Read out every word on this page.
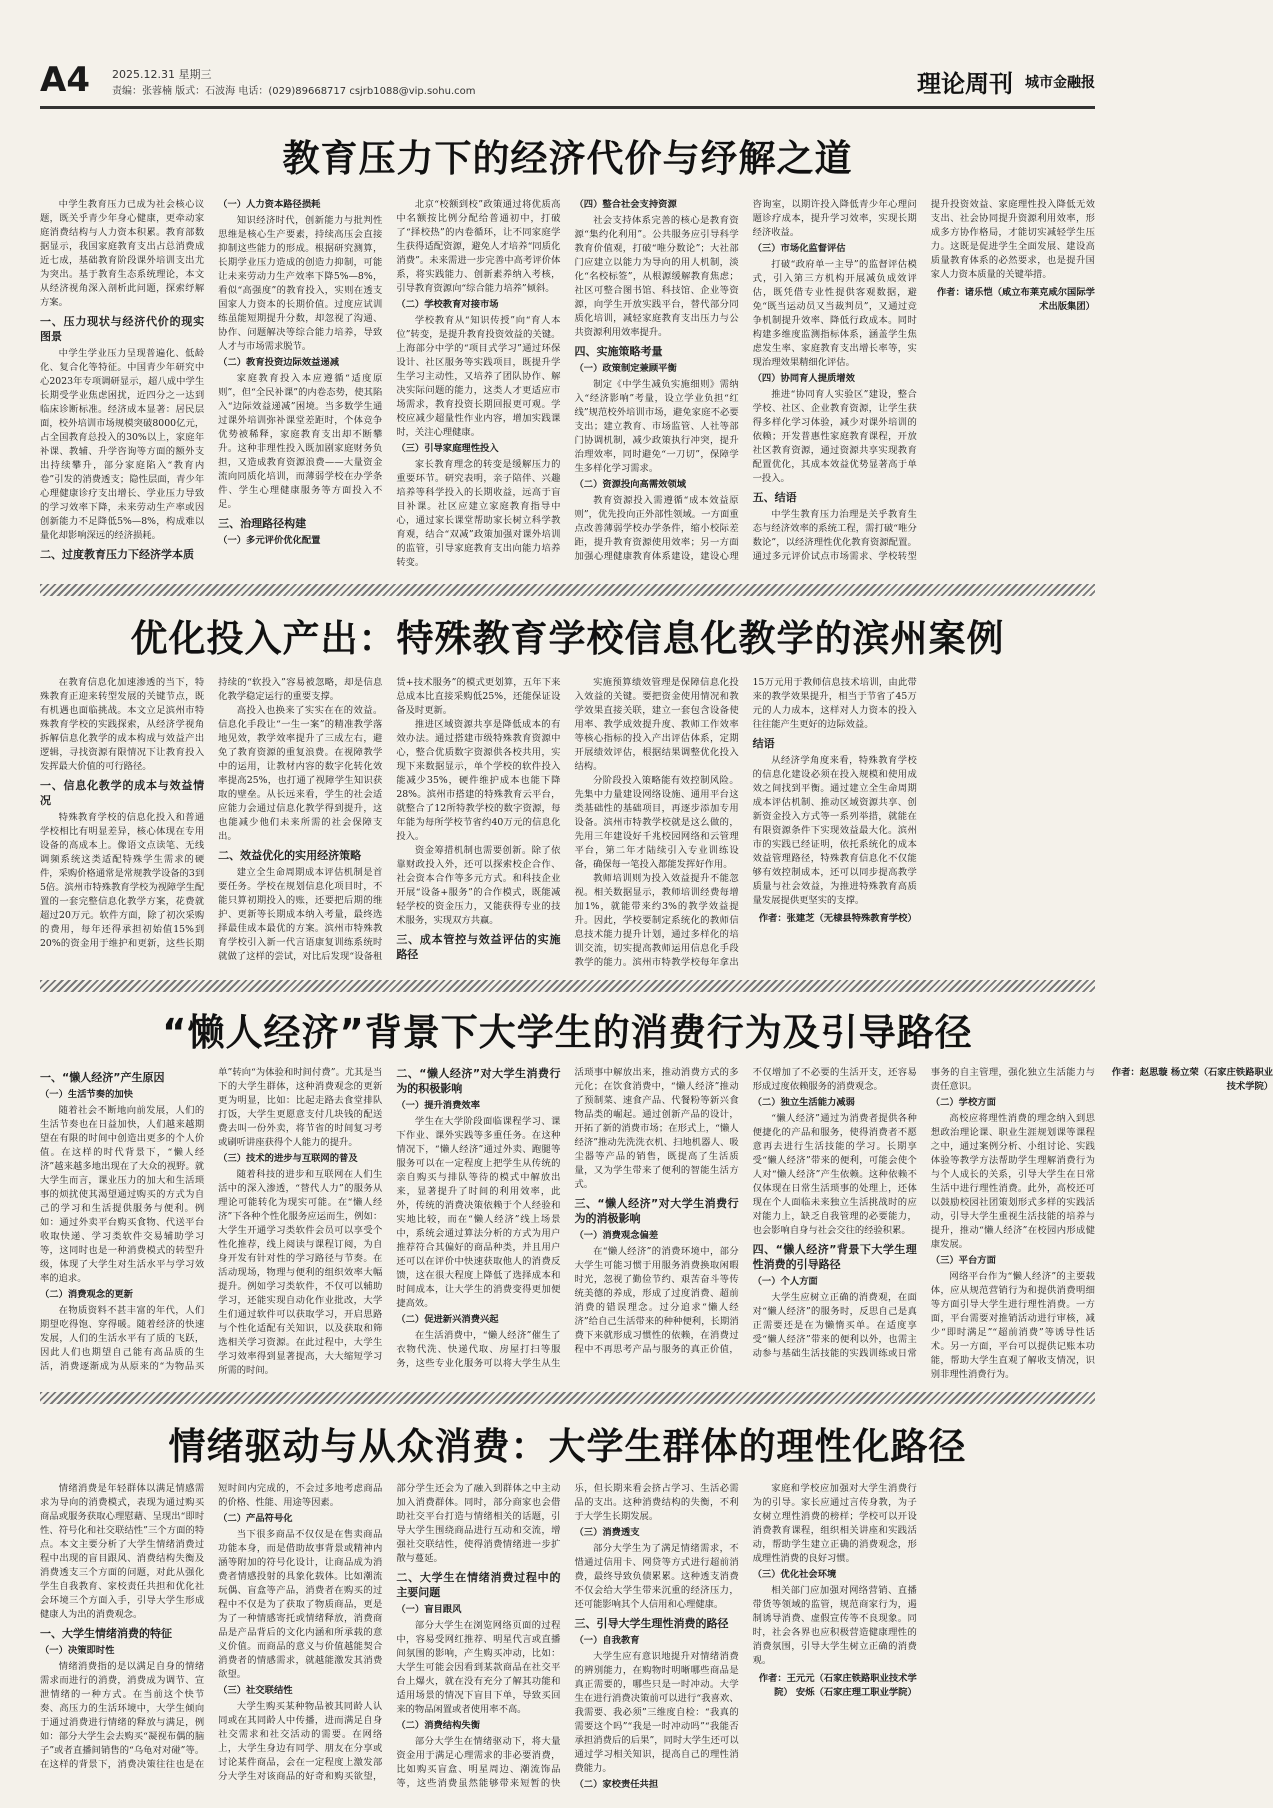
A4 2025.12.31 星期三
责编：张蓉楠 版式：石波海 电话：(029)89668717 csjrb1088@vip.sohu.com	理论周刊 城市金融报
教育压力下的经济代价与纾解之道

中学生教育压力已成为社会核心议题，既关乎青少年身心健康，更牵动家庭消费结构与人力资本积累。教育部数据显示，我国家庭教育支出占总消费成近七成，基础教育阶段课外培训支出尤为突出。基于教育生态系统理论，本文从经济视角深入剖析此问题，探索纾解方案。

一、压力现状与经济代价的现实图景

中学生学业压力呈现普遍化、低龄化、复合化等特征。中国青少年研究中心2023年专项调研显示，超八成中学生长期受学业焦虑困扰，近四分之一达到临床诊断标准。经济成本显著：居民层面，校外培训市场规模突破8000亿元，占全国教育总投入的30%以上，家庭年补课、教辅、升学咨询等方面的额外支出持续攀升，部分家庭陷入“教育内卷”引发的消费透支；隐性层面，青少年心理健康诊疗支出增长、学业压力导致的学习效率下降，未来劳动生产率或因创新能力不足降低5%—8%，构成难以量化却影响深远的经济损耗。

二、过度教育压力下经济学本质
（一）人力资本路径损耗

知识经济时代，创新能力与批判性思维是核心生产要素，持续高压会直接抑制这些能力的形成。根据研究测算，长期学业压力造成的创造力抑制，可能让未来劳动力生产效率下降5%—8%，看似“高强度”的教育投入，实则在透支国家人力资本的长期价值。过度应试训练虽能短期提升分数，却忽视了沟通、协作、问题解决等综合能力培养，导致人才与市场需求脱节。

（二）教育投资边际效益递减

家庭教育投入本应遵循“适度原则”，但“全民补课”的内卷态势，使其陷入“边际效益递减”困境。当多数学生通过课外培训弥补课堂差距时，个体竞争优势被稀释，家庭教育支出却不断攀升。这种非理性投入既加剧家庭财务负担，又造成教育资源浪费——大量资金流向同质化培训，而薄弱学校在办学条件、学生心理健康服务等方面投入不足。

三、治理路径构建
（一）多元评价优化配置

北京“校额到校”政策通过将优质高中名额按比例分配给普通初中，打破了“择校热”的内卷循环，让不同家庭学生获得适配资源，避免人才培养“同质化消费”。未来需进一步完善中高考评价体系，将实践能力、创新素养纳入考核，引导教育资源向“综合能力培养”倾斜。

（二）学校教育对接市场

学校教育从“知识传授”向“育人本位”转变，是提升教育投资效益的关键。上海部分中学的“项目式学习”通过环保设计、社区服务等实践项目，既提升学生学习主动性，又培养了团队协作、解决实际问题的能力，这类人才更适应市场需求，教育投资长期回报更可观。学校应减少超量性作业内容，增加实践课时，关注心理健康。

（三）引导家庭理性投入

家长教育理念的转变是缓解压力的重要环节。研究表明，亲子陪伴、兴趣培养等科学投入的长期收益，远高于盲目补课。社区应建立家庭教育指导中心，通过家长课堂帮助家长树立科学教育观，结合“双减”政策加强对课外培训的监管，引导家庭教育支出向能力培养转变。

（四）整合社会支持资源

社会支持体系完善的核心是教育资源“集约化利用”。公共服务应引导科学教育价值观，打破“唯分数论”；大社部门应建立以能力为导向的用人机制，淡化“名校标签”，从根源缓解教育焦虑；社区可整合图书馆、科技馆、企业等资源，向学生开放实践平台，替代部分同质化培训，减轻家庭教育支出压力与公共资源利用效率提升。

四、实施策略考量
（一）政策制定兼顾平衡

制定《中学生减负实施细则》需纳入“经济影响”考量，设立学业负担“红线”规范校外培训市场，避免家庭不必要支出；建立教育、市场监管、人社等部门协调机制，减少政策执行冲突，提升治理效率，同时避免“一刀切”，保障学生多样化学习需求。

（二）资源投向高需效领域

教育资源投入需遵循“成本效益原则”，优先投向正外部性领域。一方面重点改善薄弱学校办学条件，缩小校际差距，提升教育资源使用效率；另一方面加强心理健康教育体系建设，建设心理咨询室，以期许投入降低青少年心理问题诊疗成本，提升学习效率，实现长期经济收益。

（三）市场化监督评估

打破“政府单一主导”的监督评估模式，引入第三方机构开展减负成效评估，既凭借专业性提供客观数据，避免“既当运动员又当裁判员”，又通过竞争机制提升效率、降低行政成本。同时构建多维度监测指标体系，涵盖学生焦虑发生率、家庭教育支出增长率等，实现治理效果精细化评估。

（四）协同育人提质增效

推进“协同育人实验区”建设，整合学校、社区、企业教育资源，让学生获得多样化学习体验，减少对课外培训的依赖；开发普惠性家庭教育课程，开放社区教育资源，通过资源共享实现教育配置优化，其成本效益优势显著高于单一投入。

五、结语

中学生教育压力治理是关乎教育生态与经济效率的系统工程，需打破“唯分数论”，以经济理性优化教育资源配置。通过多元评价试点市场需求、学校转型提升投资效益、家庭理性投入降低无效支出、社会协同提升资源利用效率，形成多方协作格局，才能切实减轻学生压力。这既是促进学生全面发展、建设高质量教育体系的必然要求，也是提升国家人力资本质量的关键举措。

作者：诸乐恺（咸立布莱克咸尔国际学术出版集团）

优化投入产出：特殊教育学校信息化教学的滨州案例

在教育信息化加速渗透的当下，特殊教育正迎来转型发展的关键节点，既有机遇也面临挑战。本文立足滨州市特殊教育学校的实践探索，从经济学视角拆解信息化教学的成本构成与效益产出逻辑，寻找资源有限情况下让教育投入发挥最大价值的可行路径。

一、信息化教学的成本与效益情况

特殊教育学校的信息化投入和普通学校相比有明显差异，核心体现在专用设备的高成本上。像语文点读笔、无线调频系统这类适配特殊学生需求的硬件，采购价格通常是常规教学设备的3到5倍。滨州市特殊教育学校为视障学生配置的一套完整信息化教学方案，花费就超过20万元。软件方面，除了初次采购的费用，每年还得承担初始值15%到20%的资金用于维护和更新，这些长期持续的“软投入”容易被忽略，却是信息化教学稳定运行的重要支撑。

高投入也换来了实实在在的效益。信息化手段让“一生一案”的精准教学落地见效，教学效率提升了三成左右，避免了教育资源的重复浪费。在视障教学中的运用，让教材内容的数字化转化效率提高25%，也打通了视障学生知识获取的壁垒。从长远来看，学生的社会适应能力会通过信息化教学得到提升，这也能减少他们未来所需的社会保障支出。

二、效益优化的实用经济策略

建立全生命周期成本评估机制是首要任务。学校在规划信息化项目时，不能只算初期投入的账，还要把后期的维护、更新等长期成本纳入考量，最终选择最佳成本最优的方案。滨州市特殊教育学校引入新一代言语康复训练系统时就做了这样的尝试，对比后发现“设备租赁+技术服务”的模式更划算，五年下来总成本比直接采购低25%，还能保证设备及时更新。

推进区域资源共享是降低成本的有效办法。通过搭建市级特殊教育资源中心，整合优质数字资源供各校共用，实现下来数据显示，单个学校的软件投入能减少35%，硬件维护成本也能下降28%。滨州市搭建的特殊教育云平台，就整合了12所特教学校的数字资源，每年能为每所学校节省约40万元的信息化投入。

资金筹措机制也需要创新。除了依靠财政投入外，还可以探索校企合作、社会资本合作等多元方式。和科技企业开展“设备+服务”的合作模式，既能减轻学校的资金压力，又能获得专业的技术服务，实现双方共赢。

三、成本管控与效益评估的实施路径

实施预算绩效管理是保障信息化投入效益的关键。要把资金使用情况和教学效果直接关联，建立一套包含设备使用率、教学成效提升度、教师工作效率等核心指标的投入产出评估体系，定期开展绩效评估，根据结果调整优化投入结构。

分阶段投入策略能有效控制风险。先集中力量建设网络设施、通用平台这类基础性的基础项目，再逐步添加专用设备。滨州市特教学校就是这么做的，先用三年建设好千兆校园网络和云管理平台，第二年才陆续引入专业训练设备，确保每一笔投入都能发挥好作用。

教师培训则为投入效益提升不能忽视。相关数据显示，教师培训经费每增加1%，就能带来约3%的教学效益提升。因此，学校要制定系统化的教师信息技术能力提升计划，通过多样化的培训交流，切实提高教师运用信息化手段教学的能力。滨州市特教学校每年拿出15万元用于教师信息技术培训，由此带来的教学效果提升，相当于节省了45万元的人力成本，这样对人力资本的投入往往能产生更好的边际效益。

结语

从经济学角度来看，特殊教育学校的信息化建设必须在投入规模和使用成效之间找到平衡。通过建立全生命周期成本评估机制、推动区域资源共享、创新资金投入方式等一系列举措，就能在有限资源条件下实现效益最大化。滨州市的实践已经证明，依托系统化的成本效益管理路径，特殊教育信息化不仅能够有效控制成本，还可以同步提高教学质量与社会效益，为推进特殊教育高质量发展提供更坚实的支撑。

作者：张建芝（无棣县特殊教育学校）

“懒人经济”背景下大学生的消费行为及引导路径
一、“懒人经济”产生原因
（一）生活节奏的加快

随着社会不断地向前发展，人们的生活节奏也在日益加快，人们越来越期望在有限的时间中创造出更多的个人价值。在这样的时代背景下，“懒人经济”越来越多地出现在了大众的视野。就大学生而言，课业压力的加大和生活琐事的烦扰使其渴望通过购买的方式为自己的学习和生活提供服务与便利。例如：通过外卖平台购买食物、代送平台收取快递、学习类软件交易辅助学习等，这同时也是一种消费模式的转型升级，体现了大学生对生活水平与学习效率的追求。

（二）消费观念的更新

在物质资料不甚丰富的年代，人们期望吃得饱、穿得暖。随着经济的快速发展，人们的生活水平有了质的飞跃，因此人们也期望自己能有高品质的生活，消费逐渐成为从原来的“为物品买单”转向“为体验和时间付费”。尤其是当下的大学生群体，这种消费观念的更新更为明显，比如：比起走路去食堂排队打饭，大学生更愿意支付几块钱的配送费去叫一份外卖，将节省的时间复习考或刷听讲座获得个人能力的提升。

（三）技术的进步与互联网的普及

随着科技的进步和互联网在人们生活中的深入渗透，“替代人力”的服务从理论可能转化为现实可能。在“懒人经济”下各种个性化服务应运而生，例如：大学生开通学习类软件会员可以享受个性化推荐，线上阅读与课程订阅，为自身开发有针对性的学习路径与节奏。在活动现场，物理与便利的组织效率大幅提升。例如学习类软件，不仅可以辅助学习，还能实现自动化作业批改，大学生们通过软件可以获取学习，开启思路与个性化适配有关知识，以及获取和筛选相关学习资源。在此过程中，大学生学习效率得到显著提高，大大缩短学习所需的时间。

二、“懒人经济”对大学生消费行为的积极影响
（一）提升消费效率

学生在大学阶段面临课程学习、课下作业、课外实践等多重任务。在这种情况下，“懒人经济”通过外卖、跑腿等服务可以在一定程度上把学生从传统的亲自购买与排队等待的模式中解放出来，显著提升了时间的利用效率，此外，传统的消费决策依赖于个人经验和实地比较，而在“懒人经济”线上场景中，系统会通过算法分析的方式为用户推荐符合其偏好的商品种类，并且用户还可以在评价中快速获取他人的消费反馈，这在很大程度上降低了选择成本和时间成本，让大学生的消费变得更加便捷高效。

（二）促进新兴消费兴起

在生活消费中，“懒人经济”催生了衣物代洗、快递代取、房屋打扫等服务，这些专业化服务可以将大学生从生活琐事中解放出来，推动消费方式的多元化；在饮食消费中，“懒人经济”推动了预制菜、速食产品、代餐粉等新兴食物品类的崛起。通过创新产品的设计，开拓了新的消费市场；在形式上，“懒人经济”推动先洗洗衣机、扫地机器人、吸尘器等产品的销售，既提高了生活质量，又为学生带来了便利的智能生活方式。

三、“懒人经济”对大学生消费行为的消极影响
（一）消费观念偏差

在“懒人经济”的消费环境中，部分大学生可能习惯于用服务消费换取闲暇时光，忽视了勤俭节约、艰苦奋斗等传统美德的养成，形成了过度消费、超前消费的错误理念。过分追求“懒人经济”给自己生活带来的种种便利，长期消费下来就形成习惯性的依赖，在消费过程中不再思考产品与服务的真正价值，不仅增加了不必要的生活开支，还容易形成过度依赖服务的消费观念。

（二）独立生活能力减弱

“懒人经济”通过为消费者提供各种便捷化的产品和服务，使得消费者不愿意再去进行生活技能的学习。长期享受“懒人经济”带来的便利，可能会使个人对“懒人经济”产生依赖。这种依赖不仅体现在日常生活琐事的处理上，还体现在个人面临未来独立生活挑战时的应对能力上，缺乏自我管理的必要能力，也会影响自身与社会交往的经验积累。

四、“懒人经济”背景下大学生理性消费的引导路径
（一）个人方面

大学生应树立正确的消费观，在面对“懒人经济”的服务时，反思自己是真正需要还是在为懒惰买单。在适度享受“懒人经济”带来的便利以外，也需主动参与基础生活技能的实践训练或日常事务的自主管理，强化独立生活能力与责任意识。

（二）学校方面

高校应将理性消费的理念纳入到思想政治理论课、职业生涯规划课等课程之中，通过案例分析、小组讨论、实践体验等教学方法帮助学生理解消费行为与个人成长的关系，引导大学生在日常生活中进行理性消费。此外，高校还可以鼓励校园社团策划形式多样的实践活动，引导大学生重视生活技能的培养与提升，推动“懒人经济”在校园内形成健康发展。

（三）平台方面

网络平台作为“懒人经济”的主要载体，应从规范营销行为和提供消费明细等方面引导大学生进行理性消费。一方面，平台需要对推销活动进行审核，减少“即时满足”“超前消费”等诱导性话术。另一方面，平台可以提供记账本功能，帮助大学生直观了解收支情况，识别非理性消费行为。

作者：赵思璇 杨立荣（石家庄铁路职业技术学院）

情绪驱动与从众消费：大学生群体的理性化路径

情绪消费是年轻群体以满足情感需求为导向的消费模式，表现为通过购买商品或服务获取心理慰藉、呈现出“即时性、符号化和社交联结性”三个方面的特点。本文主要分析了大学生情绪消费过程中出现的盲目跟风、消费结构失衡及消费透支三个方面的问题，对此从强化学生自我教育、家校责任共担和优化社会环境三个方面入手，引导大学生形成健康人为出的消费观念。

一、大学生情绪消费的特征
（一）决策即时性

情绪消费指的是以满足自身的情绪需求而进行的消费，消费成为调节、宣泄情绪的一种方式。在当前这个快节奏、高压力的生活环境中，大学生倾向于通过消费进行情绪的释放与满足，例如：部分大学生会去购买“凝视布偶的脑子”或者直播间销售的“乌龟对对碰”等。在这样的背景下，消费决策往往也是在短时间内完成的，不会过多地考虑商品的价格、性能、用途等因素。

（二）产品符号化

当下很多商品不仅仅是在售卖商品功能本身，而是借助故事背景或精神内涵等附加的符号化设计，让商品成为消费者情感投射的具象化载体。比如潮流玩偶、盲盒等产品，消费者在购买的过程中不仅是为了获取了物质商品，更是为了一种情感寄托或情绪释放，消费商品是产品背后的文化内涵和所承载的意义价值。而商品的意义与价值越能契合消费者的情感需求，就越能激发其消费欲望。

（三）社交联结性

大学生购买某种物品被其同龄人认同或在其同龄人中传播，进而满足自身社交需求和社交活动的需要。在网络上，大学生身边有同学、朋友在分享或讨论某件商品，会在一定程度上激发部分大学生对该商品的好奇和购买欲望，部分学生还会为了融入到群体之中主动加入消费群体。同时，部分商家也会借助社交平台打造与情绪相关的话题，引导大学生围绕商品进行互动和交流，增强社交联结性，使得消费情绪进一步扩散与蔓延。

二、大学生在情绪消费过程中的主要问题
（一）盲目跟风

部分大学生在浏览网络页面的过程中，容易受网红推荐、明星代言或直播间氛围的影响，产生购买冲动，比如：大学生可能会因看到某款商品在社交平台上爆火，就在没有充分了解其功能和适用场景的情况下盲目下单，导致买回来的物品闲置或者使用率不高。

（二）消费结构失衡

部分大学生在情绪驱动下，将大量资金用于满足心理需求的非必要消费，比如购买盲盒、明星周边、潮流饰品等，这些消费虽然能够带来短暂的快乐，但长期来看会挤占学习、生活必需品的支出。这种消费结构的失衡，不利于大学生长期发展。

（三）消费透支

部分大学生为了满足情绪需求，不惜通过信用卡、网贷等方式进行超前消费，最终导致负债累累。这种透支消费不仅会给大学生带来沉重的经济压力，还可能影响其个人信用和心理健康。

三、引导大学生理性消费的路径
（一）自我教育

大学生应有意识地提升对情绪消费的辨别能力，在购物时明晰哪些商品是真正需要的，哪些只是一时冲动。大学生在进行消费决策前可以进行“我喜欢、我需要、我必须”三维度自检：“我真的需要这个吗”“我是一时冲动吗”“我能否承担消费后的后果”，同时大学生还可以通过学习相关知识，提高自己的理性消费能力。

（二）家校责任共担

家庭和学校应加强对大学生消费行为的引导。家长应通过言传身教，为子女树立理性消费的榜样；学校可以开设消费教育课程，组织相关讲座和实践活动，帮助学生建立正确的消费观念，形成理性消费的良好习惯。

（三）优化社会环境

相关部门应加强对网络营销、直播带货等领域的监管，规范商家行为，遏制诱导消费、虚假宣传等不良现象。同时，社会各界也应积极营造健康理性的消费氛围，引导大学生树立正确的消费观。

作者：王元元（石家庄铁路职业技术学院） 安烁（石家庄理工职业学院）
